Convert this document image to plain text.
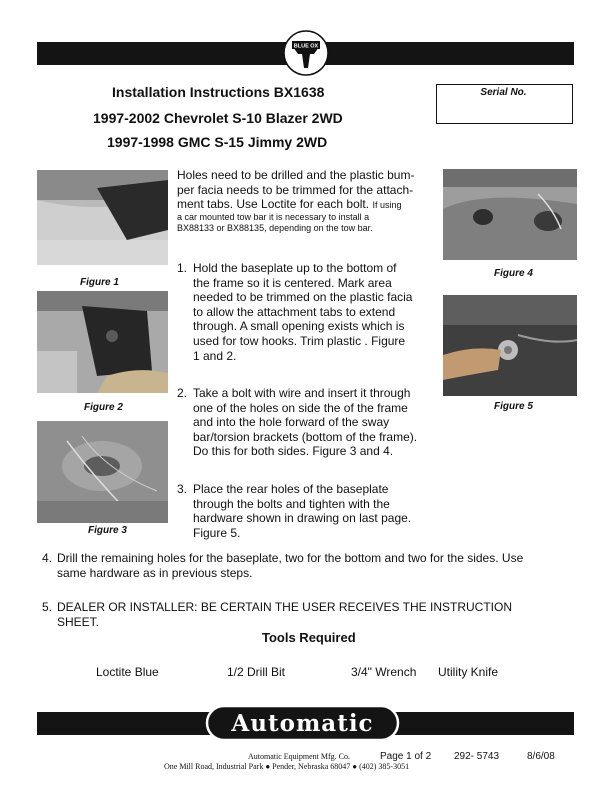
BLUE OX
Installation Instructions BX1638
1997-2002 Chevrolet S-10 Blazer 2WD
1997-1998 GMC S-15 Jimmy 2WD
Serial No.
Figure 1
Figure 2
Figure 3
Figure 4
Figure 5
Holes need to be drilled and the plastic bum-
per facia needs to be trimmed for the attach-
ment tabs. Use Loctite for each bolt. If using
a car mounted tow bar it is necessary to install a
BX88133 or BX88135, depending on the tow bar.
1. Hold the baseplate up to the bottom of
the frame so it is centered. Mark area
needed to be trimmed on the plastic facia
to allow the attachment tabs to extend
through. A small opening exists which is
used for tow hooks. Trim plastic . Figure
1 and 2.
2. Take a bolt with wire and insert it through
one of the holes on side the of the frame
and into the hole forward of the sway
bar/torsion brackets (bottom of the frame).
Do this for both sides. Figure 3 and 4.
3. Place the rear holes of the baseplate
through the bolts and tighten with the
hardware shown in drawing on last page.
Figure 5.
4. Drill the remaining holes for the baseplate, two for the bottom and two for the sides. Use
same hardware as in previous steps.
5. DEALER OR INSTALLER: BE CERTAIN THE USER RECEIVES THE INSTRUCTION
SHEET.
Tools Required
Loctite Blue	1/2 Drill Bit	3/4" Wrench Utility Knife
Automatic
Automatic Equipment Mfg. Co.
One Mill Road, Industrial Park ● Pender, Nebraska 68047 ● (402) 385-3051
Page 1 of 2 292- 5743	8/6/08
